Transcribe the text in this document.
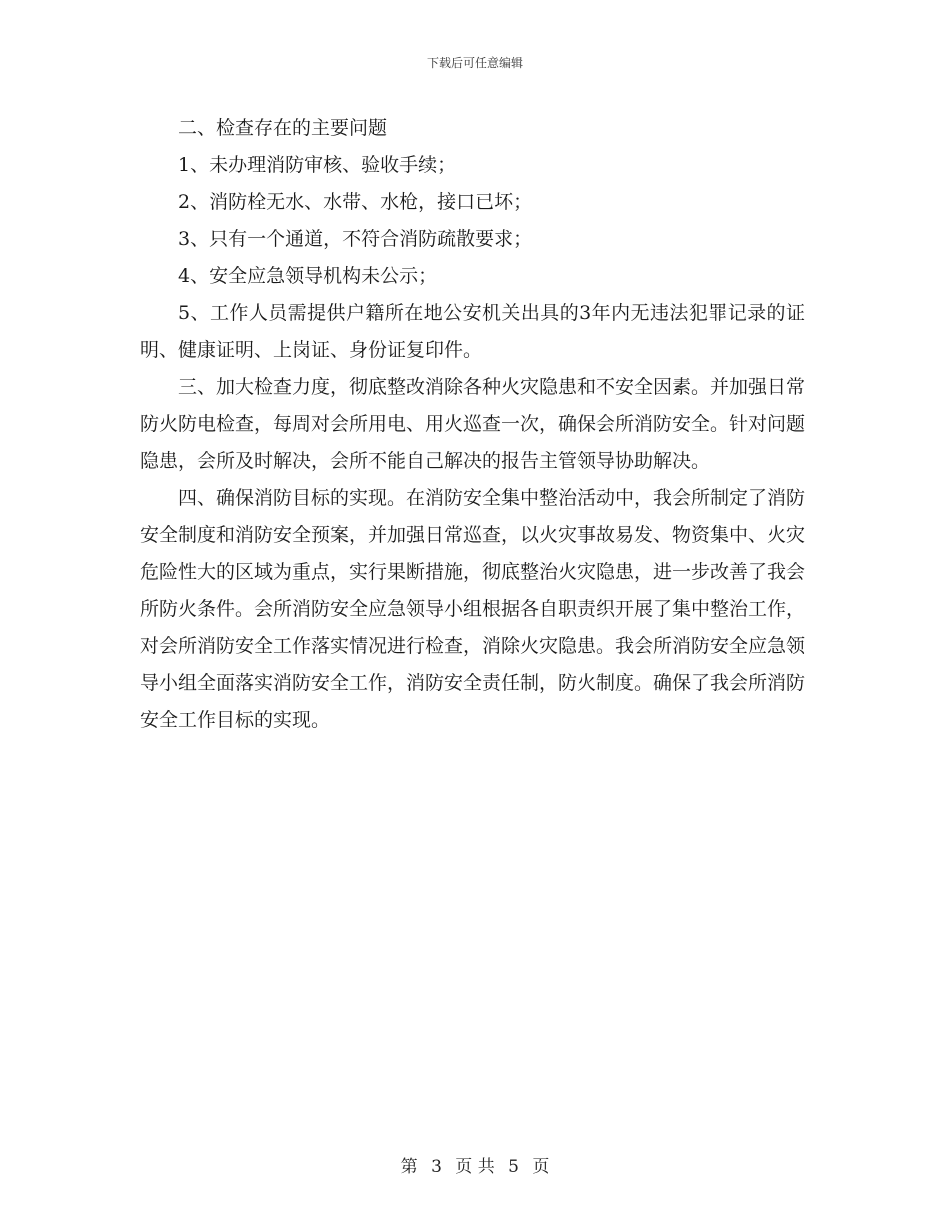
下载后可任意编辑

二、检查存在的主要问题

1、未办理消防审核、验收手续；

2、消防栓无水、水带、水枪，接口已坏；

3、只有一个通道，不符合消防疏散要求；

4、安全应急领导机构未公示；

5、工作人员需提供户籍所在地公安机关出具的3年内无违法犯罪记录的证明、健康证明、上岗证、身份证复印件。

三、加大检查力度，彻底整改消除各种火灾隐患和不安全因素。并加强日常防火防电检查，每周对会所用电、用火巡查一次，确保会所消防安全。针对问题隐患，会所及时解决，会所不能自己解决的报告主管领导协助解决。

四、确保消防目标的实现。在消防安全集中整治活动中，我会所制定了消防安全制度和消防安全预案，并加强日常巡查，以火灾事故易发、物资集中、火灾危险性大的区域为重点，实行果断措施，彻底整治火灾隐患，进一步改善了我会所防火条件。会所消防安全应急领导小组根据各自职责织开展了集中整治工作，对会所消防安全工作落实情况进行检查，消除火灾隐患。我会所消防安全应急领导小组全面落实消防安全工作，消防安全责任制，防火制度。确保了我会所消防安全工作目标的实现。

第 3 页 共 5 页
